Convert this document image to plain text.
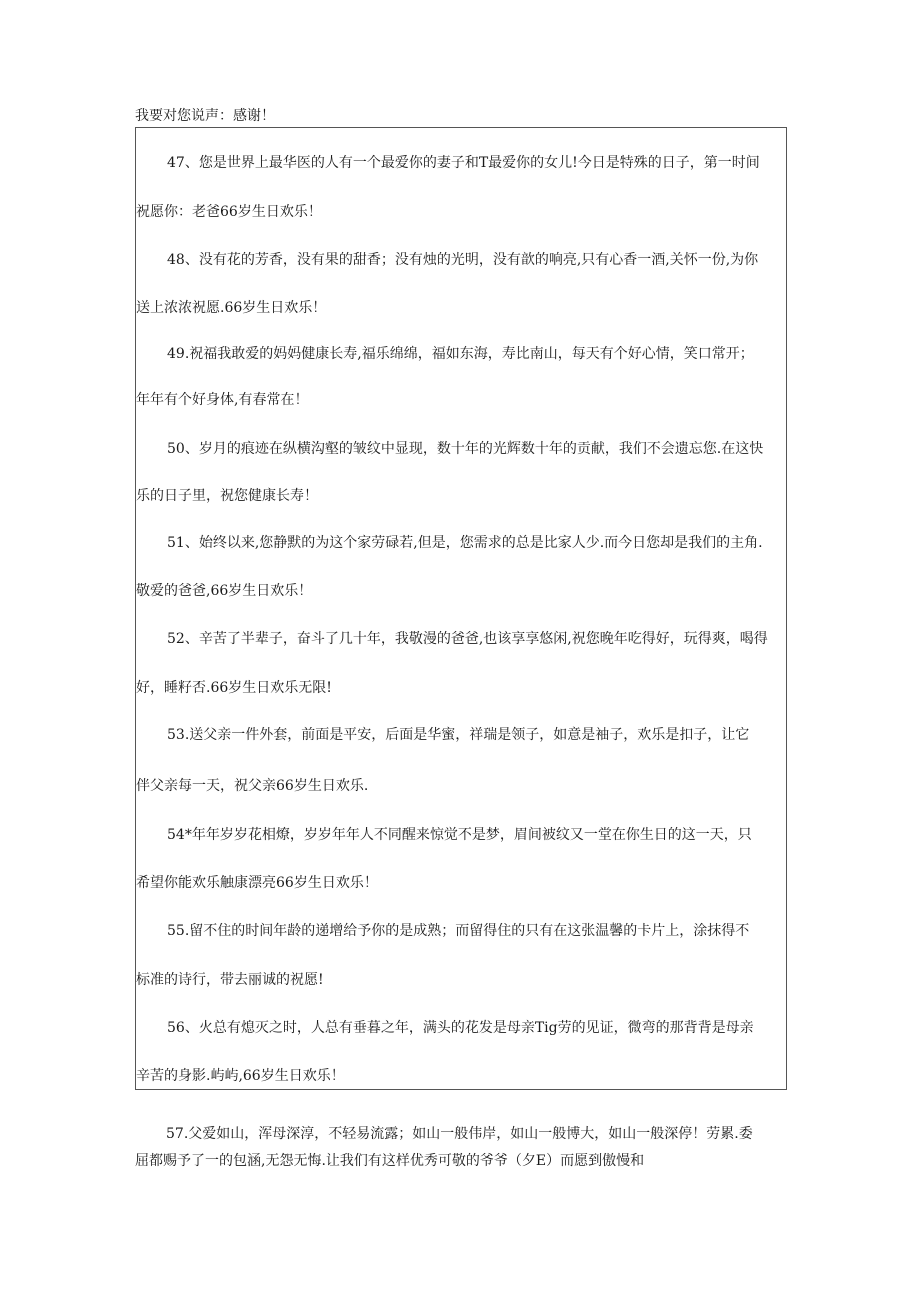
我要对您说声：感谢！
47、您是世界上最华医的人有一个最爱你的妻子和T最爱你的女儿!今日是特殊的日子，第一时间
祝愿你：老爸66岁生日欢乐！
48、没有花的芳香，没有果的甜香；没有烛的光明，没有歆的响亮,只有心香一酒,关怀一份,为你
送上浓浓祝愿.66岁生日欢乐！
49.祝福我敢爱的妈妈健康长寿,福乐绵绵，福如东海，寿比南山，每天有个好心情，笑口常开；
年年有个好身体,有春常在！
50、岁月的痕迹在纵横沟壑的皱纹中显现，数十年的光辉数十年的贡献，我们不会遗忘您.在这快
乐的日子里，祝您健康长寿！
51、始终以来,您静默的为这个家劳碌若,但是，您需求的总是比家人少.而今日您却是我们的主角.
敬爱的爸爸,66岁生日欢乐！
52、辛苦了半辈子，奋斗了几十年，我敬漫的爸爸,也该享享悠闲,祝您晚年吃得好，玩得爽，喝得
好，睡籽否.66岁生日欢乐无限!
53.送父亲一件外套，前面是平安，后面是华蜜，祥瑞是领子，如意是袖子，欢乐是扣子，让它
伴父亲每一天，祝父亲66岁生日欢乐.
54*年年岁岁花相燎，岁岁年年人不同醒来惊觉不是梦，眉间被纹又一堂在你生日的这一天，只
希望你能欢乐触康漂亮66岁生日欢乐！
55.留不住的时间年龄的递增给予你的是成熟；而留得住的只有在这张温馨的卡片上，涂抹得不
标准的诗行，带去丽诚的祝愿!
56、火总有熄灭之时，人总有垂暮之年，满头的花发是母亲Tig劳的见证，微弯的那背背是母亲
辛苦的身影.屿屿,66岁生日欢乐！
57.父爱如山，浑母深淳，不轻易流露；如山一般伟岸，如山一般博大，如山一般深停！劳累.委
屈都赐予了一的包涵,无怨无悔.让我们有这样优秀可敬的爷爷（夕E）而愿到傲慢和
